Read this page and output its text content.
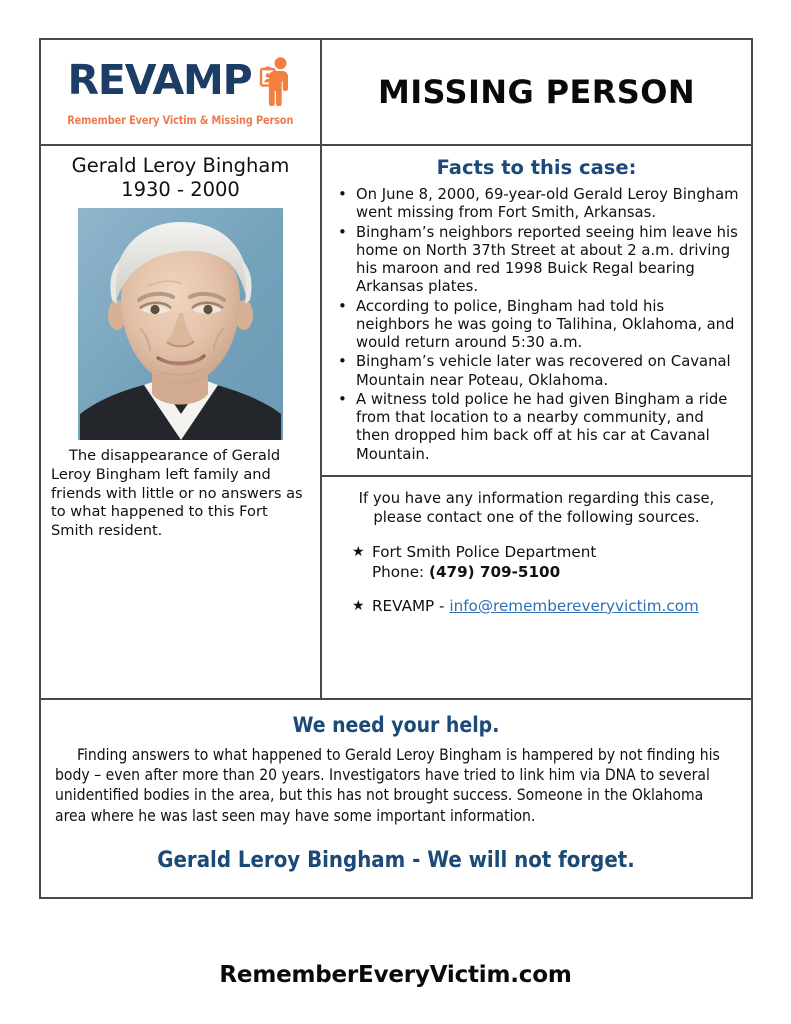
REVAMP
Remember Every Victim & Missing Person
MISSING PERSON
Gerald Leroy Bingham
1930 - 2000
The disappearance of Gerald Leroy Bingham left family and friends with little or no answers as to what happened to this Fort Smith resident.
Facts to this case:
• On June 8, 2000, 69-year-old Gerald Leroy Bingham went missing from Fort Smith, Arkansas.
• Bingham’s neighbors reported seeing him leave his home on North 37th Street at about 2 a.m. driving his maroon and red 1998 Buick Regal bearing Arkansas plates.
• According to police, Bingham had told his neighbors he was going to Talihina, Oklahoma, and would return around 5:30 a.m.
• Bingham’s vehicle later was recovered on Cavanal Mountain near Poteau, Oklahoma.
• A witness told police he had given Bingham a ride from that location to a nearby community, and then dropped him back off at his car at Cavanal Mountain.
If you have any information regarding this case, please contact one of the following sources.
★ Fort Smith Police Department
Phone: (479) 709-5100
★ REVAMP - info@remembereveryvictim.com
We need your help.
Finding answers to what happened to Gerald Leroy Bingham is hampered by not finding his body – even after more than 20 years. Investigators have tried to link him via DNA to several unidentified bodies in the area, but this has not brought success. Someone in the Oklahoma area where he was last seen may have some important information.
Gerald Leroy Bingham - We will not forget.
RememberEveryVictim.com
